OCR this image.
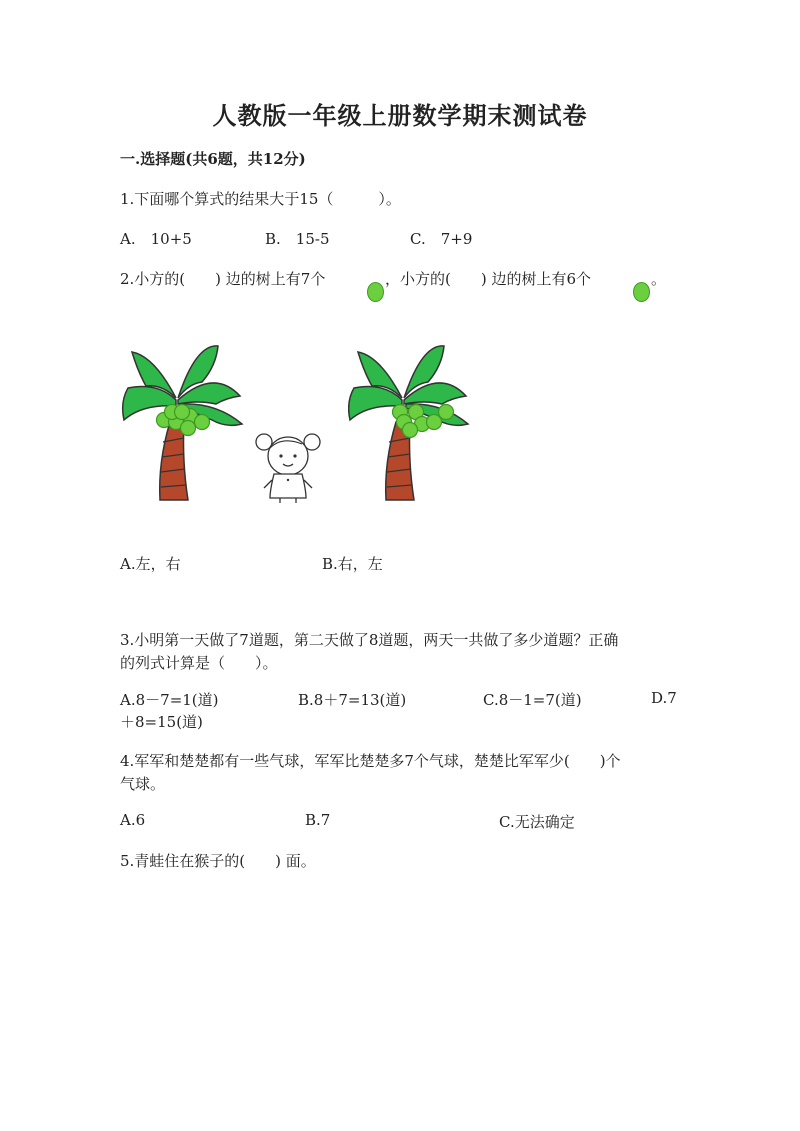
人教版一年级上册数学期末测试卷
一.选择题(共6题，共12分)
1.下面哪个算式的结果大于15（　　　）。
A.　10+5	B.　15-5	C.　7+9
2.小方的(　　) 边的树上有7个	，小方的(　　) 边的树上有6个	。
A.左，右	B.右，左
3.小明第一天做了7道题，第二天做了8道题，两天一共做了多少道题？正确
的列式计算是（　　）。
A.8－7=1(道)	B.8＋7=13(道)	C.8－1=7(道)	D.7
＋8=15(道)
4.军军和楚楚都有一些气球，军军比楚楚多7个气球，楚楚比军军少(　　)个
气球。
A.6	B.7	C.无法确定
5.青蛙住在猴子的(　　) 面。
